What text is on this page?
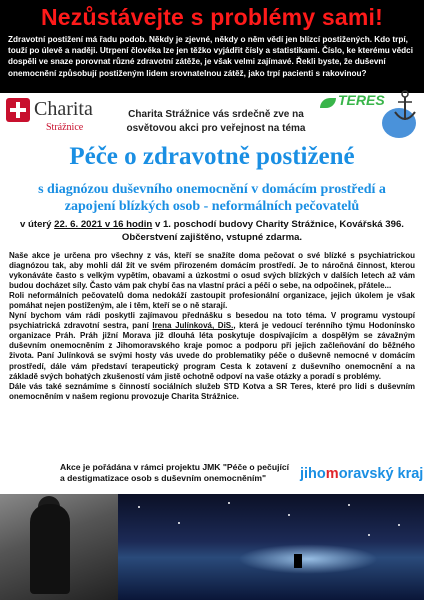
Nezůstávejte s problémy sami!
Zdravotní postižení má řadu podob. Někdy je zjevné, někdy o něm vědí jen blízcí postižených. Kdo trpí, touží po úlevě a naději. Utrpení člověka lze jen těžko vyjádřit čísly a statistikami. Číslo, ke kterému vědci dospěli ve snaze porovnat různé zdravotní zátěže, je však velmi zajímavé. Řekli byste, že duševní onemocnění způsobují postiženým lidem srovnatelnou zátěž, jako trpí pacienti s rakovinou?
Charita
Strážnice
Charita Strážnice vás srdečně zve na osvětovou akci pro veřejnost na téma
TERES
Péče o zdravotně postižené
s diagnózou duševního onemocnění v domácím prostředí a zapojení blízkých osob - neformálních pečovatelů
v úterý 22. 6. 2021 v 16 hodin v 1. poschodí budovy Charity Strážnice, Kovářská 396.
Občerstvení zajištěno, vstupné zdarma.

Naše akce je určena pro všechny z vás, kteří se snažíte doma pečovat o své blízké s psychiatrickou diagnózou tak, aby mohli dál žít ve svém přirozeném domácím prostředí. Je to náročná činnost, kterou vykonáváte často s velkým vypětím, obavami a úzkostmi o osud svých blízkých v dalších letech až vám budou docházet síly. Často vám pak chybí čas na vlastní práci a péči o sebe, na odpočinek, přátele...

Roli neformálních pečovatelů doma nedokáží zastoupit profesionální organizace, jejich úkolem je však pomáhat nejen postiženým, ale i těm, kteří se o ně starají.

Nyní bychom vám rádi poskytli zajímavou přednášku s besedou na toto téma. V programu vystoupí psychiatrická zdravotní sestra, paní Irena Julínková, DiS., která je vedoucí terénního týmu Hodonínsko organizace Práh. Práh jižní Morava již dlouhá léta poskytuje dospívajícím a dospělým se závažným duševním onemocněním z Jihomoravského kraje pomoc a podporu při jejich začleňování do běžného života. Paní Julínková se svými hosty vás uvede do problematiky péče o duševně nemocné v domácím prostředí, dále vám představí terapeutický program Cesta k zotavení z duševního onemocnění a na základě svých bohatých zkušeností vám jistě ochotně odpoví na vaše otázky a poradí s problémy.

Dále vás také seznámíme s činností sociálních služeb STD Kotva a SR Teres, které pro lidi s duševním onemocněním v našem regionu provozuje Charita Strážnice.

Akce je pořádána v rámci projektu JMK "Péče o pečující a destigmatizace osob s duševním onemocněním"	jihomoravský kraj
